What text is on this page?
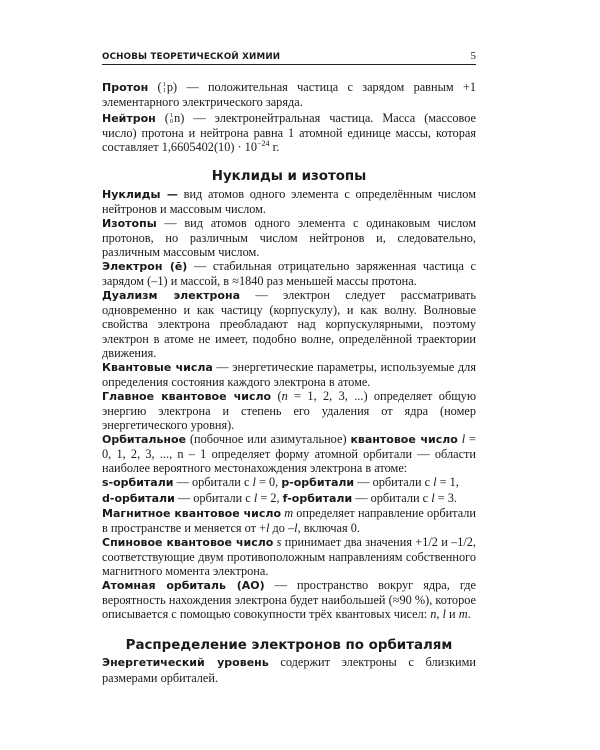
ОСНОВЫ ТЕОРЕТИЧЕСКОЙ ХИМИИ	5

Протон ( 1
1 p) — положительная частица с зарядом равным +1 элементарного электрического заряда.

Нейтрон ( 1
0 n) — электронейтральная частица. Масса (массовое число) протона и нейтрона равна 1 атомной единице массы, которая составляет $1,6605402(10) \cdot 10^{-24}$ г.

Нуклиды и изотопы

Нуклиды — вид атомов одного элемента с определённым числом нейтронов и массовым числом.

Изотопы — вид атомов одного элемента с одинаковым числом протонов, но различным числом нейтронов и, следовательно, различным массовым числом.

Электрон (ē) — стабильная отрицательно заряженная частица с зарядом (–1) и массой, в ≈1840 раз меньшей массы протона.

Дуализм электрона — электрон следует рассматривать одновременно и как частицу (корпускулу), и как волну. Волновые свойства электрона преобладают над корпускулярными, поэтому электрон в атоме не имеет, подобно волне, определённой траектории движения.

Квантовые числа — энергетические параметры, используемые для определения состояния каждого электрона в атоме.

Главное квантовое число (n = 1, 2, 3, ...) определяет общую энергию электрона и степень его удаления от ядра (номер энергетического уровня).

Орбитальное (побочное или азимутальное) квантовое число l = 0, 1, 2, 3, ..., n – 1 определяет форму атомной орбитали — области наиболее вероятного местонахождения электрона в атоме:
s-орбитали — орбитали с l = 0, p-орбитали — орбитали с l = 1,
d-орбитали — орбитали с l = 2, f-орбитали — орбитали с l = 3.

Магнитное квантовое число m определяет направление орбитали в пространстве и меняется от +l до –l, включая 0.

Спиновое квантовое число s принимает два значения +1/2 и –1/2, соответствующие двум противоположным направлениям собственного магнитного момента электрона.

Атомная орбиталь (АО) — пространство вокруг ядра, где вероятность нахождения электрона будет наибольшей (≈90 %), которое описывается с помощью совокупности трёх квантовых чисел: n, l и m.

Распределение электронов по орбиталям

Энергетический уровень содержит электроны с близкими размерами орбиталей.
